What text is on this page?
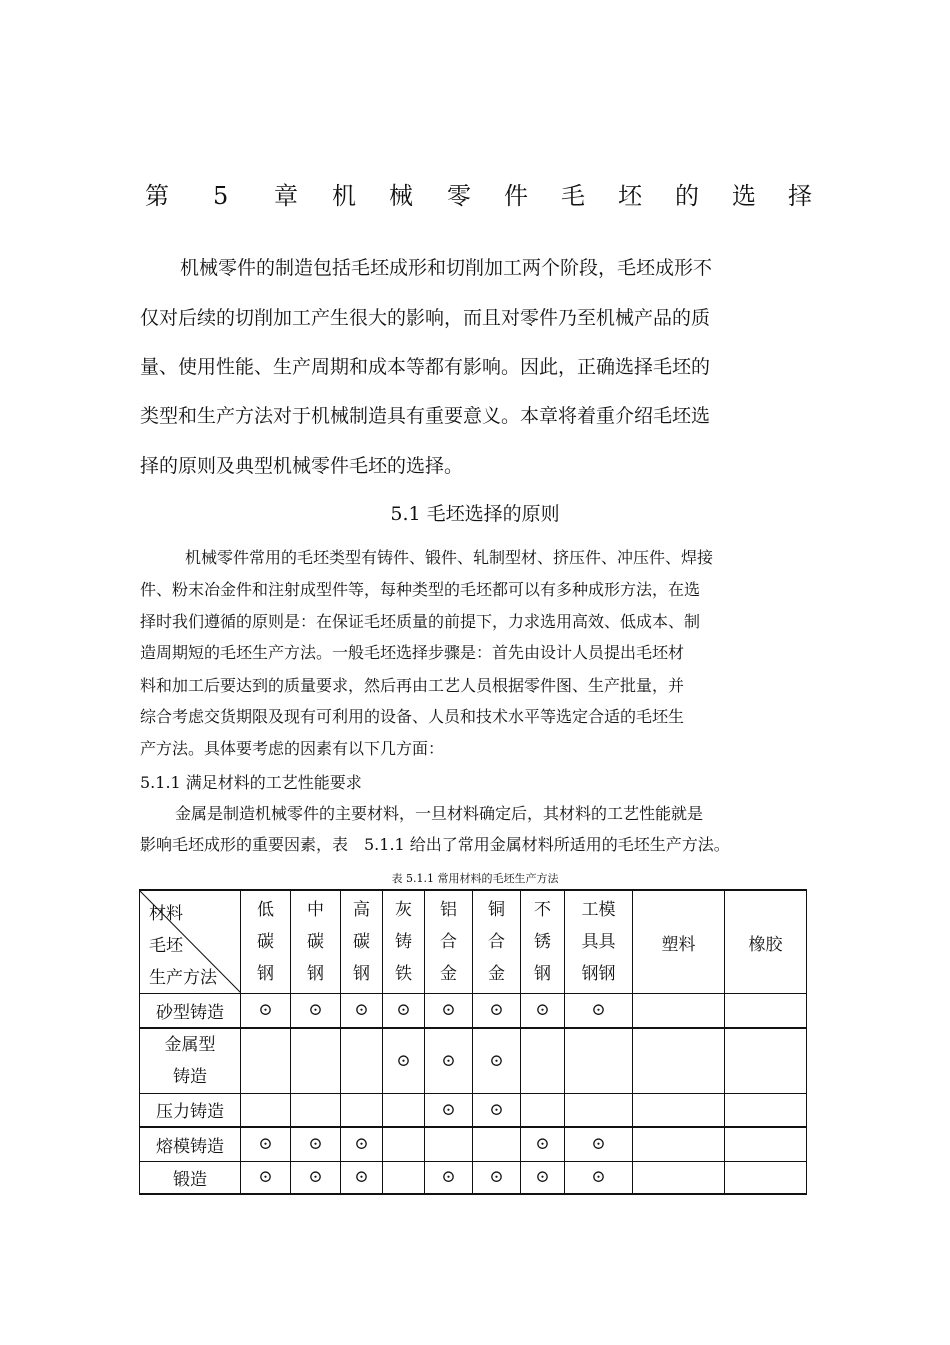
第 5 章 机 械 零 件 毛 坯 的 选 择
机械零件的制造包括毛坯成形和切削加工两个阶段，毛坯成形不
仅对后续的切削加工产生很大的影响，而且对零件乃至机械产品的质
量、使用性能、生产周期和成本等都有影响。因此，正确选择毛坯的
类型和生产方法对于机械制造具有重要意义。本章将着重介绍毛坯选
择的原则及典型机械零件毛坯的选择。
5.1 毛坯选择的原则
机械零件常用的毛坯类型有铸件、锻件、轧制型材、挤压件、冲压件、焊接
件、粉末冶金件和注射成型件等，每种类型的毛坯都可以有多种成形方法，在选
择时我们遵循的原则是：在保证毛坯质量的前提下，力求选用高效、低成本、制
造周期短的毛坯生产方法。一般毛坯选择步骤是：首先由设计人员提出毛坯材
料和加工后要达到的质量要求，然后再由工艺人员根据零件图、生产批量，并
综合考虑交货期限及现有可利用的设备、人员和技术水平等选定合适的毛坯生
产方法。具体要考虑的因素有以下几方面：
5.1.1 满足材料的工艺性能要求
金属是制造机械零件的主要材料，一旦材料确定后，其材料的工艺性能就是
影响毛坯成形的重要因素，表　5.1.1 给出了常用金属材料所适用的毛坯生产方法。
表 5.1.1 常用材料的毛坯生产方法
材料
毛坯
生产方法	低
碳
钢	中
碳
钢	高
碳
钢	灰
铸
铁	铝
合
金	铜
合
金	不
锈
钢	工模
具具
钢钢	塑料	橡胶
砂型铸造	⊙	⊙	⊙	⊙	⊙	⊙	⊙	⊙		

金属型
铸造				⊙	⊙	⊙				
压力铸造					⊙	⊙				
熔模铸造	⊙	⊙	⊙				⊙	⊙		
锻造	⊙	⊙	⊙		⊙	⊙	⊙	⊙		
